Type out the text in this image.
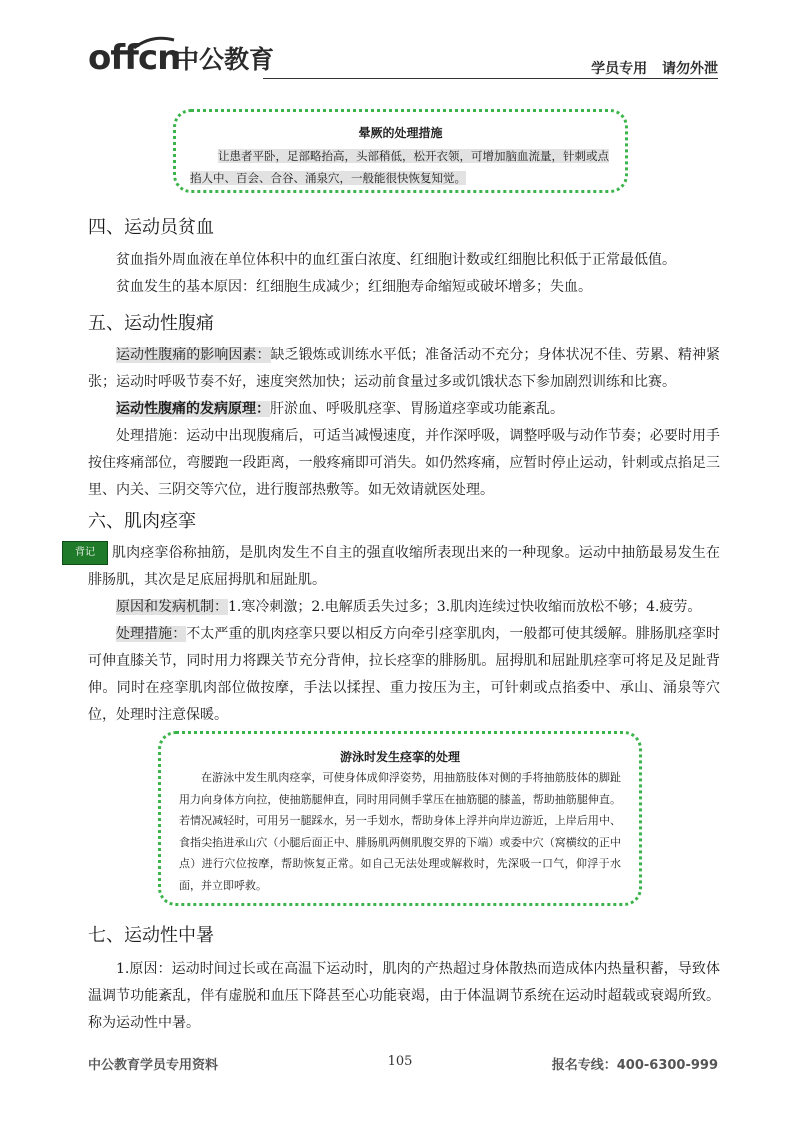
offcn
中公教育	学员专用 请勿外泄
晕厥的处理措施
让患者平卧，足部略抬高，头部稍低，松开衣领，可增加脑血流量，针刺或点掐人中、百会、合谷、涌泉穴，一般能很快恢复知觉。
四、运动员贫血

贫血指外周血液在单位体积中的血红蛋白浓度、红细胞计数或红细胞比积低于正常最低值。

贫血发生的基本原因：红细胞生成减少；红细胞寿命缩短或破坏增多；失血。

五、运动性腹痛

运动性腹痛的影响因素：缺乏锻炼或训练水平低；准备活动不充分；身体状况不佳、劳累、精神紧张；运动时呼吸节奏不好，速度突然加快；运动前食量过多或饥饿状态下参加剧烈训练和比赛。

运动性腹痛的发病原理：肝淤血、呼吸肌痉挛、胃肠道痉挛或功能紊乱。

处理措施：运动中出现腹痛后，可适当减慢速度，并作深呼吸，调整呼吸与动作节奏；必要时用手按住疼痛部位，弯腰跑一段距离，一般疼痛即可消失。如仍然疼痛，应暂时停止运动，针刺或点掐足三里、内关、三阴交等穴位，进行腹部热敷等。如无效请就医处理。

六、肌肉痉挛
背记	肌肉痉挛俗称抽筋，是肌肉发生不自主的强直收缩所表现出来的一种现象。运动中抽筋最易发生在腓肠肌，其次是足底屈拇肌和屈趾肌。

原因和发病机制：1.寒冷刺激；2.电解质丢失过多；3.肌肉连续过快收缩而放松不够；4.疲劳。

处理措施：不太严重的肌肉痉挛只要以相反方向牵引痉挛肌肉，一般都可使其缓解。腓肠肌痉挛时可伸直膝关节，同时用力将踝关节充分背伸，拉长痉挛的腓肠肌。屈拇肌和屈趾肌痉挛可将足及足趾背伸。同时在痉挛肌肉部位做按摩，手法以揉捏、重力按压为主，可针刺或点掐委中、承山、涌泉等穴位，处理时注意保暖。

游泳时发生痉挛的处理
在游泳中发生肌肉痉挛，可使身体成仰浮姿势，用抽筋肢体对侧的手将抽筋肢体的脚趾用力向身体方向拉，使抽筋腿伸直，同时用同侧手掌压在抽筋腿的膝盖，帮助抽筋腿伸直。若情况减轻时，可用另一腿踩水，另一手划水，帮助身体上浮并向岸边游近，上岸后用中、食指尖掐进承山穴（小腿后面正中、腓肠肌两侧肌腹交界的下端）或委中穴（窝横纹的正中点）进行穴位按摩，帮助恢复正常。如自己无法处理或解救时，先深吸一口气，仰浮于水面，并立即呼救。
七、运动性中暑

1.原因：运动时间过长或在高温下运动时，肌肉的产热超过身体散热而造成体内热量积蓄，导致体温调节功能紊乱，伴有虚脱和血压下降甚至心功能衰竭，由于体温调节系统在运动时超载或衰竭所致。称为运动性中暑。

中公教育学员专用资料	105	报名专线：400-6300-999
